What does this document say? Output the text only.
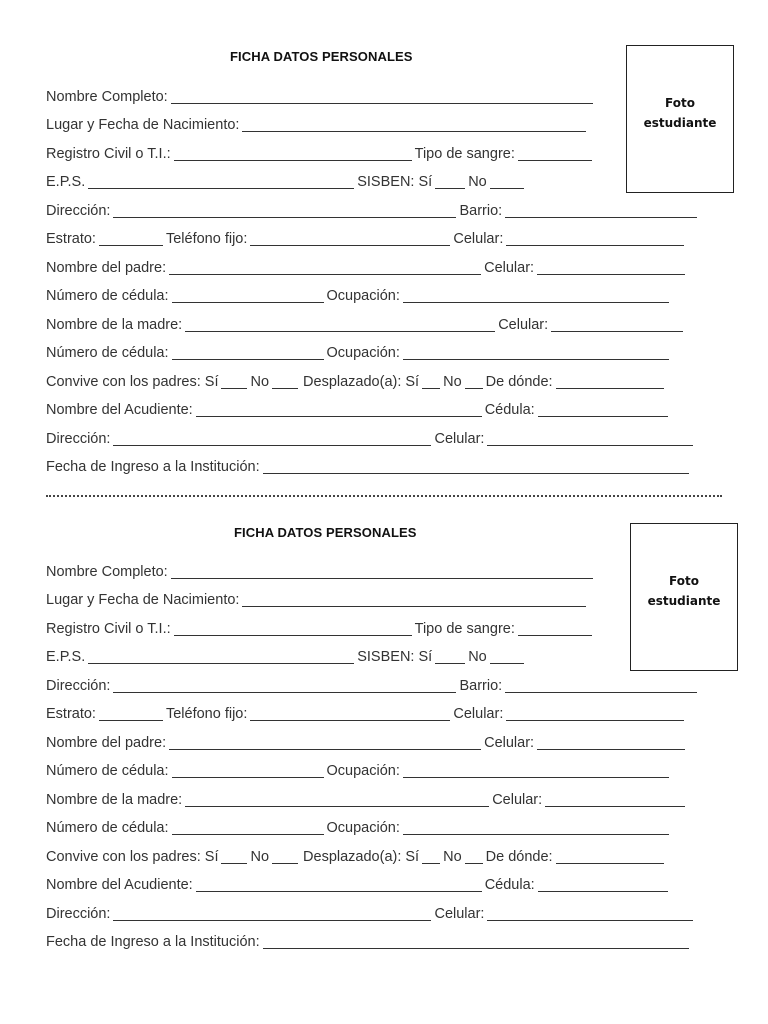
FICHA DATOS PERSONALES
Foto
estudiante
Nombre Completo:
Lugar y Fecha de Nacimiento:
Registro Civil o T.I.:	Tipo de sangre:
E.P.S.	SISBEN: Sí No
Dirección:	Barrio:
Estrato:	Teléfono fijo:	Celular:
Nombre del padre:	Celular:
Número de cédula:	Ocupación:
Nombre de la madre:	Celular:
Número de cédula:	Ocupación:
Convive con los padres: Sí No Desplazado(a): Sí No De dónde:
Nombre del Acudiente:	Cédula:
Dirección:	Celular:
Fecha de Ingreso a la Institución:
FICHA DATOS PERSONALES
Foto
estudiante
Nombre Completo:
Lugar y Fecha de Nacimiento:
Registro Civil o T.I.:	Tipo de sangre:
E.P.S.	SISBEN: Sí No
Dirección:	Barrio:
Estrato:	Teléfono fijo:	Celular:
Nombre del padre:	Celular:
Número de cédula:	Ocupación:
Nombre de la madre:	Celular:
Número de cédula:	Ocupación:
Convive con los padres: Sí No Desplazado(a): Sí No De dónde:
Nombre del Acudiente:	Cédula:
Dirección:	Celular:
Fecha de Ingreso a la Institución:
